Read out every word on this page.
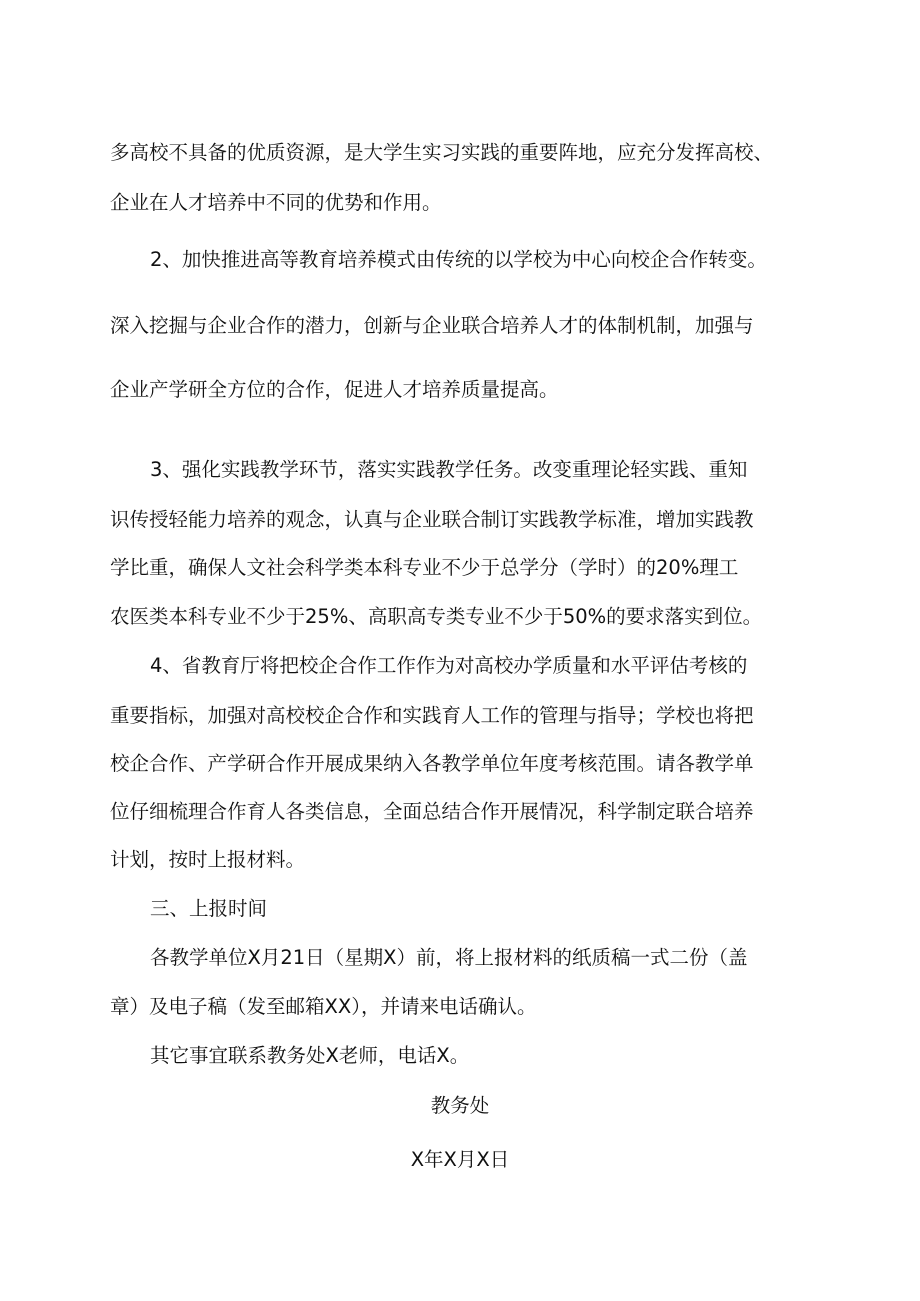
多高校不具备的优质资源，是大学生实习实践的重要阵地，应充分发挥高校、
企业在人才培养中不同的优势和作用。
2、加快推进高等教育培养模式由传统的以学校为中心向校企合作转变。
深入挖掘与企业合作的潜力，创新与企业联合培养人才的体制机制，加强与
企业产学研全方位的合作，促进人才培养质量提高。
3、强化实践教学环节，落实实践教学任务。改变重理论轻实践、重知
识传授轻能力培养的观念，认真与企业联合制订实践教学标准，增加实践教
学比重，确保人文社会科学类本科专业不少于总学分（学时）的20%理工
农医类本科专业不少于25%、高职高专类专业不少于50%的要求落实到位。
4、省教育厅将把校企合作工作作为对高校办学质量和水平评估考核的
重要指标，加强对高校校企合作和实践育人工作的管理与指导；学校也将把
校企合作、产学研合作开展成果纳入各教学单位年度考核范围。请各教学单
位仔细梳理合作育人各类信息，全面总结合作开展情况，科学制定联合培养
计划，按时上报材料。
三、上报时间
各教学单位X月21日（星期X）前，将上报材料的纸质稿一式二份（盖
章）及电子稿（发至邮箱XX），并请来电话确认。
其它事宜联系教务处X老师，电话X。
教务处
X年X月X日
